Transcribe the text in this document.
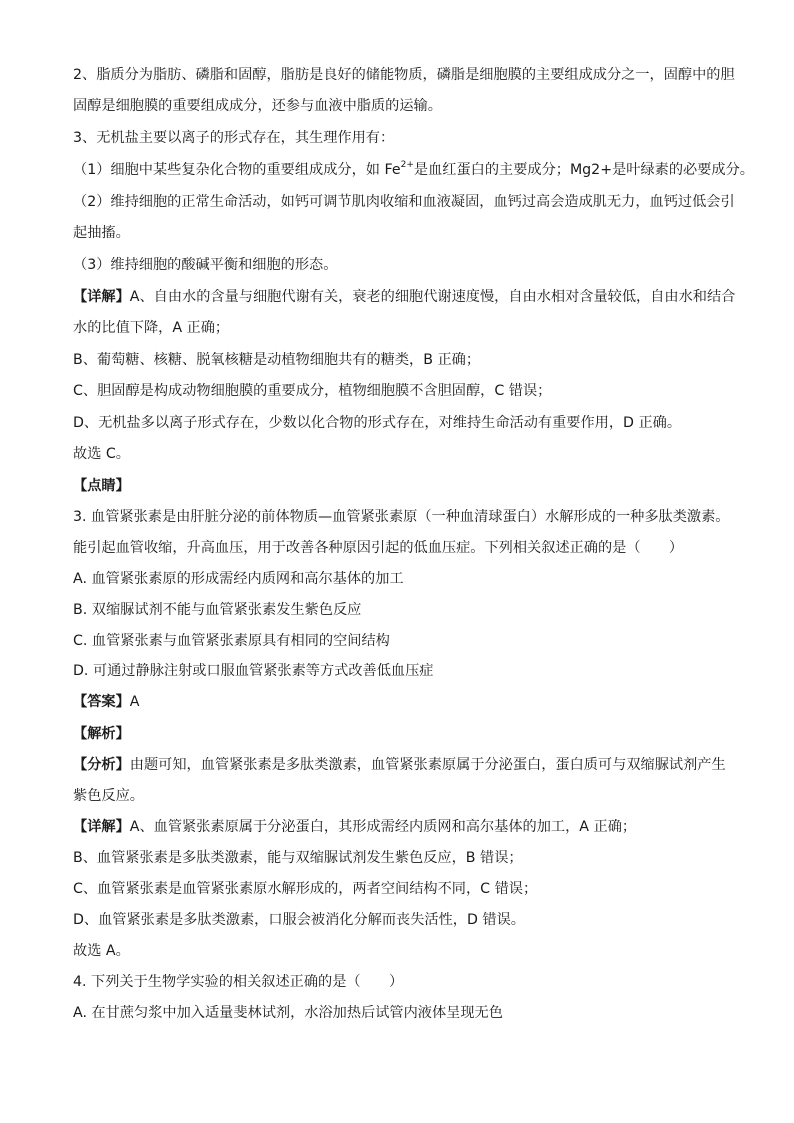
2、脂质分为脂肪、磷脂和固醇，脂肪是良好的储能物质，磷脂是细胞膜的主要组成成分之一，固醇中的胆
固醇是细胞膜的重要组成成分，还参与血液中脂质的运输。
3、无机盐主要以离子的形式存在，其生理作用有：
（1）细胞中某些复杂化合物的重要组成成分，如 $Fe^{2+}$是血红蛋白的主要成分；Mg2+是叶绿素的必要成分。
（2）维持细胞的正常生命活动，如钙可调节肌肉收缩和血液凝固，血钙过高会造成肌无力，血钙过低会引
起抽搐。
（3）维持细胞的酸碱平衡和细胞的形态。
【详解】A、自由水的含量与细胞代谢有关，衰老的细胞代谢速度慢，自由水相对含量较低，自由水和结合
水的比值下降，A 正确；
B、葡萄糖、核糖、脱氧核糖是动植物细胞共有的糖类，B 正确；
C、胆固醇是构成动物细胞膜的重要成分，植物细胞膜不含胆固醇，C 错误；
D、无机盐多以离子形式存在，少数以化合物的形式存在，对维持生命活动有重要作用，D 正确。
故选 C。
【点睛】
3. 血管紧张素是由肝脏分泌的前体物质—血管紧张素原（一种血清球蛋白）水解形成的一种多肽类激素。
能引起血管收缩，升高血压，用于改善各种原因引起的低血压症。下列相关叙述正确的是（　　）
A. 血管紧张素原的形成需经内质网和高尔基体的加工
B. 双缩脲试剂不能与血管紧张素发生紫色反应
C. 血管紧张素与血管紧张素原具有相同的空间结构
D. 可通过静脉注射或口服血管紧张素等方式改善低血压症
【答案】A
【解析】
【分析】由题可知，血管紧张素是多肽类激素，血管紧张素原属于分泌蛋白，蛋白质可与双缩脲试剂产生
紫色反应。
【详解】A、血管紧张素原属于分泌蛋白，其形成需经内质网和高尔基体的加工，A 正确；
B、血管紧张素是多肽类激素，能与双缩脲试剂发生紫色反应，B 错误；
C、血管紧张素是血管紧张素原水解形成的，两者空间结构不同，C 错误；
D、血管紧张素是多肽类激素，口服会被消化分解而丧失活性，D 错误。
故选 A。
4. 下列关于生物学实验的相关叙述正确的是（　　）
A. 在甘蔗匀浆中加入适量斐林试剂，水浴加热后试管内液体呈现无色
